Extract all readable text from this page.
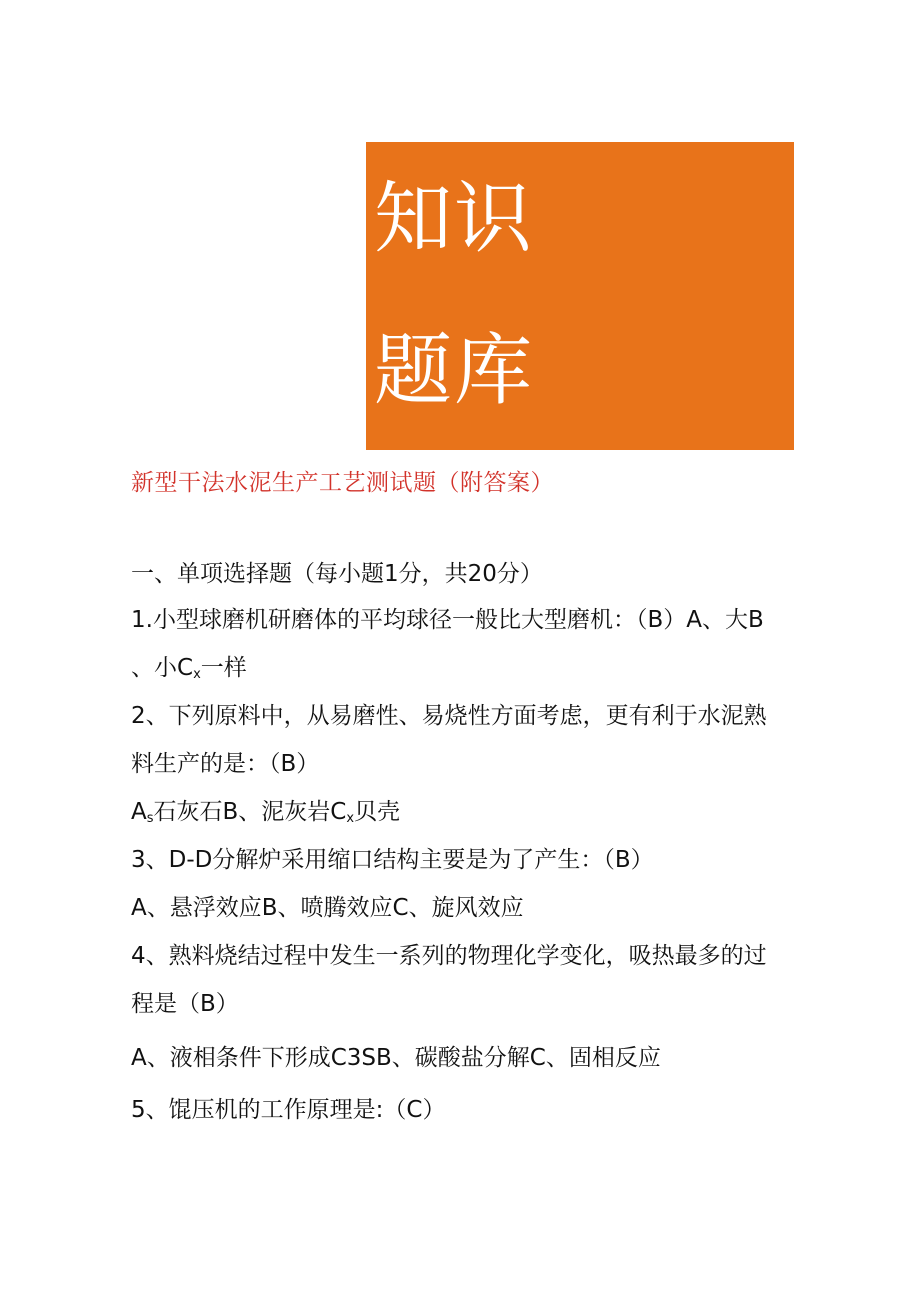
知识
题库
新型干法水泥生产工艺测试题（附答案）
一、单项选择题（每小题1分，共20分）
1.小型球磨机研磨体的平均球径一般比大型磨机：（B）A、大B
、小$C_x$一样
2、下列原料中，从易磨性、易烧性方面考虑，更有利于水泥熟
料生产的是：（B）
$A_s$石灰石B、泥灰岩$C_x$贝壳
3、D-D分解炉采用缩口结构主要是为了产生：（B）
A、悬浮效应B、喷腾效应C、旋风效应
4、熟料烧结过程中发生一系列的物理化学变化，吸热最多的过
程是（B）
A、液相条件下形成C3SB、碳酸盐分解C、固相反应
5、馄压机的工作原理是:（C）
